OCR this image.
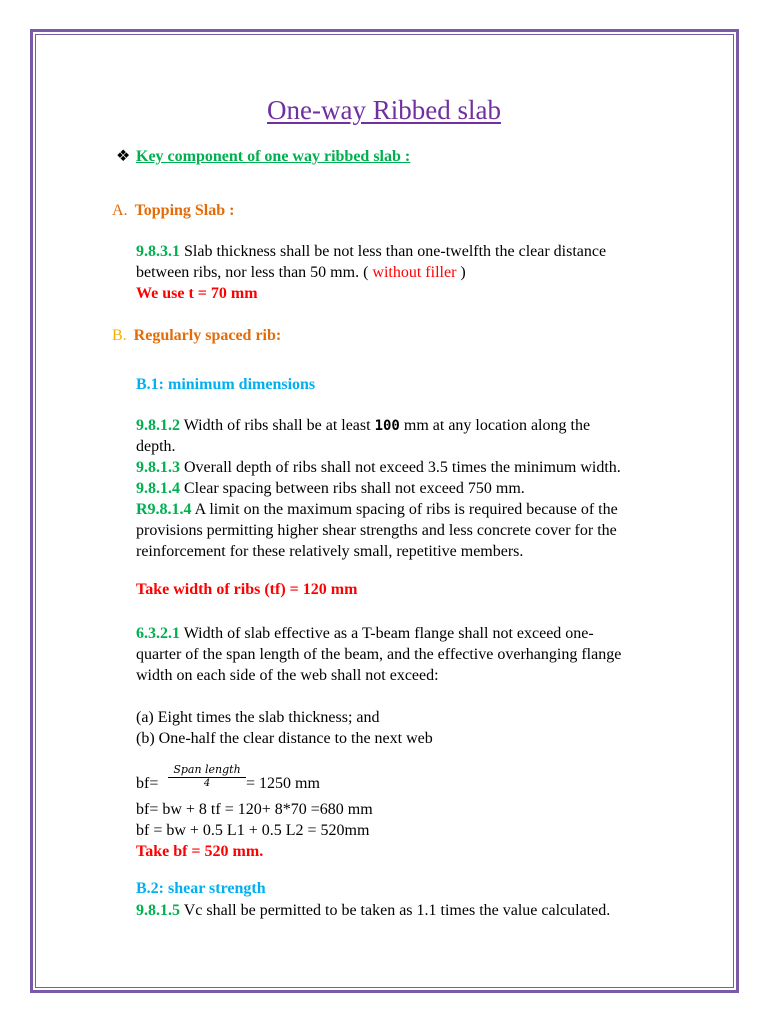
One-way Ribbed slab
❖ Key component of one way ribbed slab :
A. Topping Slab :
9.8.3.1 Slab thickness shall be not less than one-twelfth the clear distance
between ribs, nor less than 50 mm. ( without filler )
We use t = 70 mm
B. Regularly spaced rib:
B.1: minimum dimensions
9.8.1.2 Width of ribs shall be at least 100 mm at any location along the
depth.
9.8.1.3 Overall depth of ribs shall not exceed 3.5 times the minimum width.
9.8.1.4 Clear spacing between ribs shall not exceed 750 mm.
R9.8.1.4 A limit on the maximum spacing of ribs is required because of the
provisions permitting higher shear strengths and less concrete cover for the
reinforcement for these relatively small, repetitive members.
Take width of ribs (tf) = 120 mm
6.3.2.1 Width of slab effective as a T-beam flange shall not exceed one-
quarter of the span length of the beam, and the effective overhanging flange
width on each side of the web shall not exceed:
(a) Eight times the slab thickness; and
(b) One-half the clear distance to the next web
bf=
Span length
4	= 1250 mm
bf= bw + 8 tf = 120+ 8*70 =680 mm
bf = bw + 0.5 L1 + 0.5 L2 = 520mm
Take bf = 520 mm.
B.2: shear strength
9.8.1.5 Vc shall be permitted to be taken as 1.1 times the value calculated.
